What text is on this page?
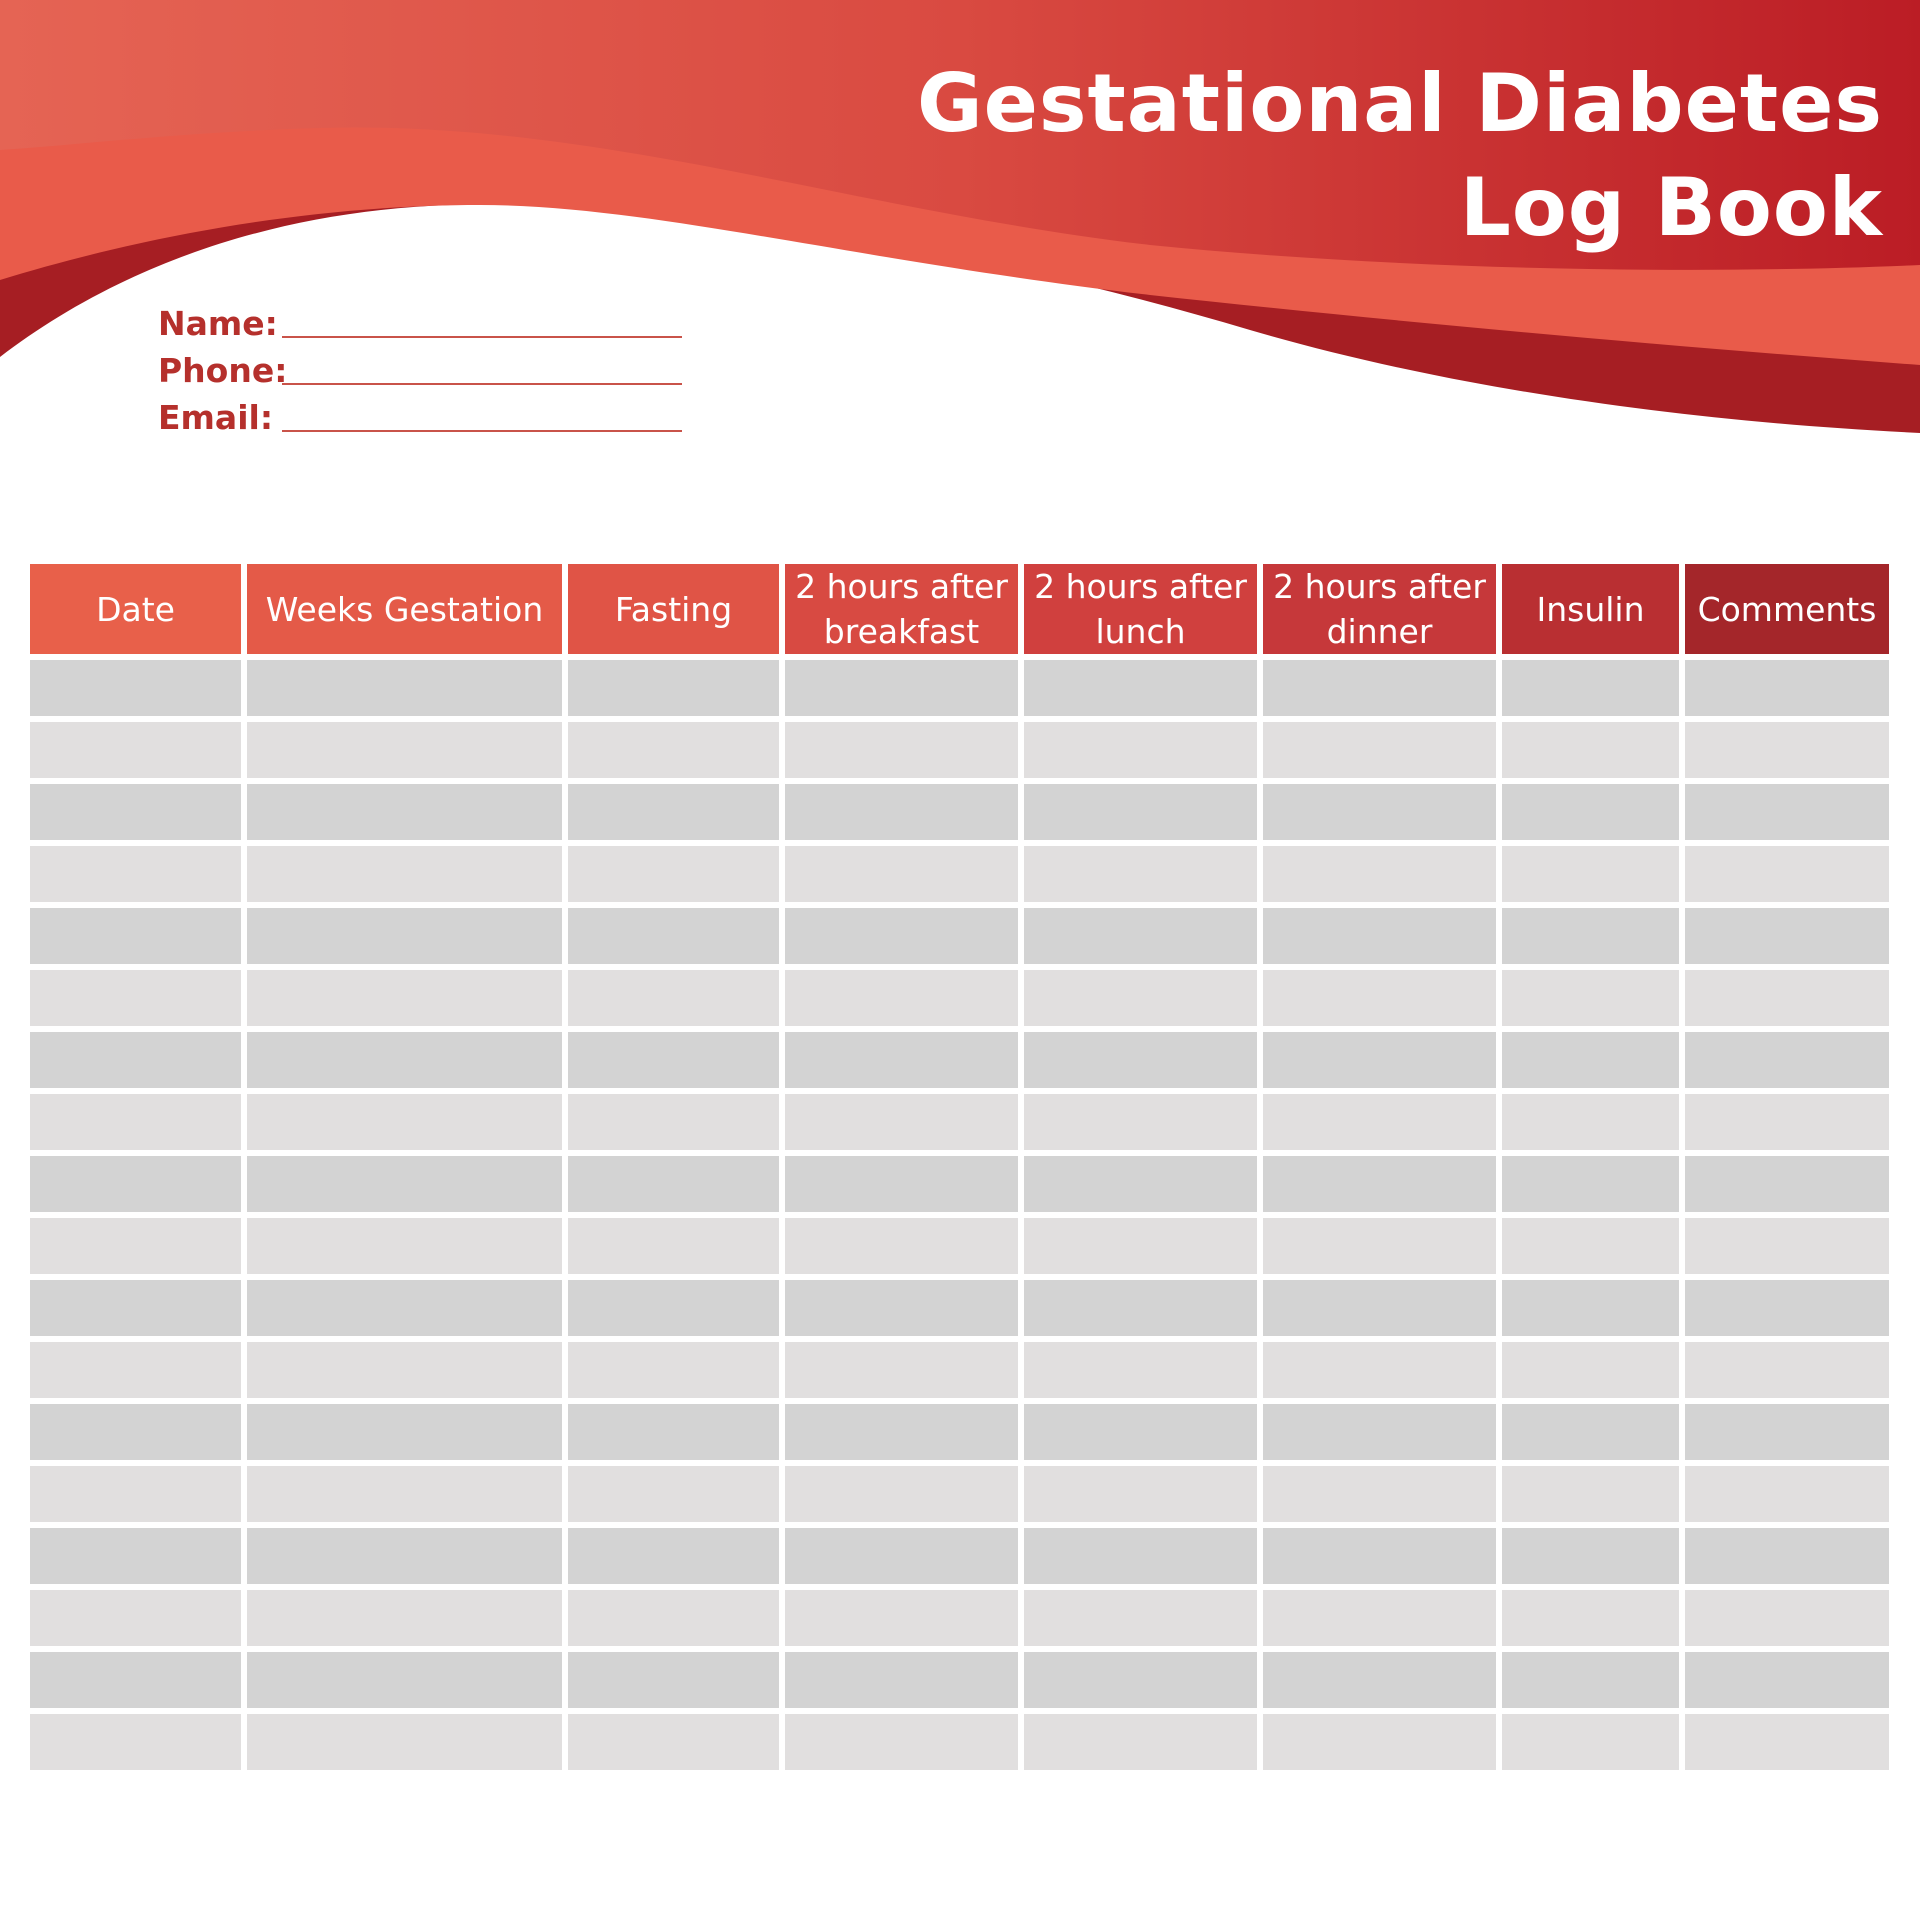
Gestational Diabetes
Log Book
Name:
Phone:
Email:
Date	Weeks Gestation	Fasting	2 hours after breakfast	2 hours after lunch	2 hours after dinner	Insulin	Comments
